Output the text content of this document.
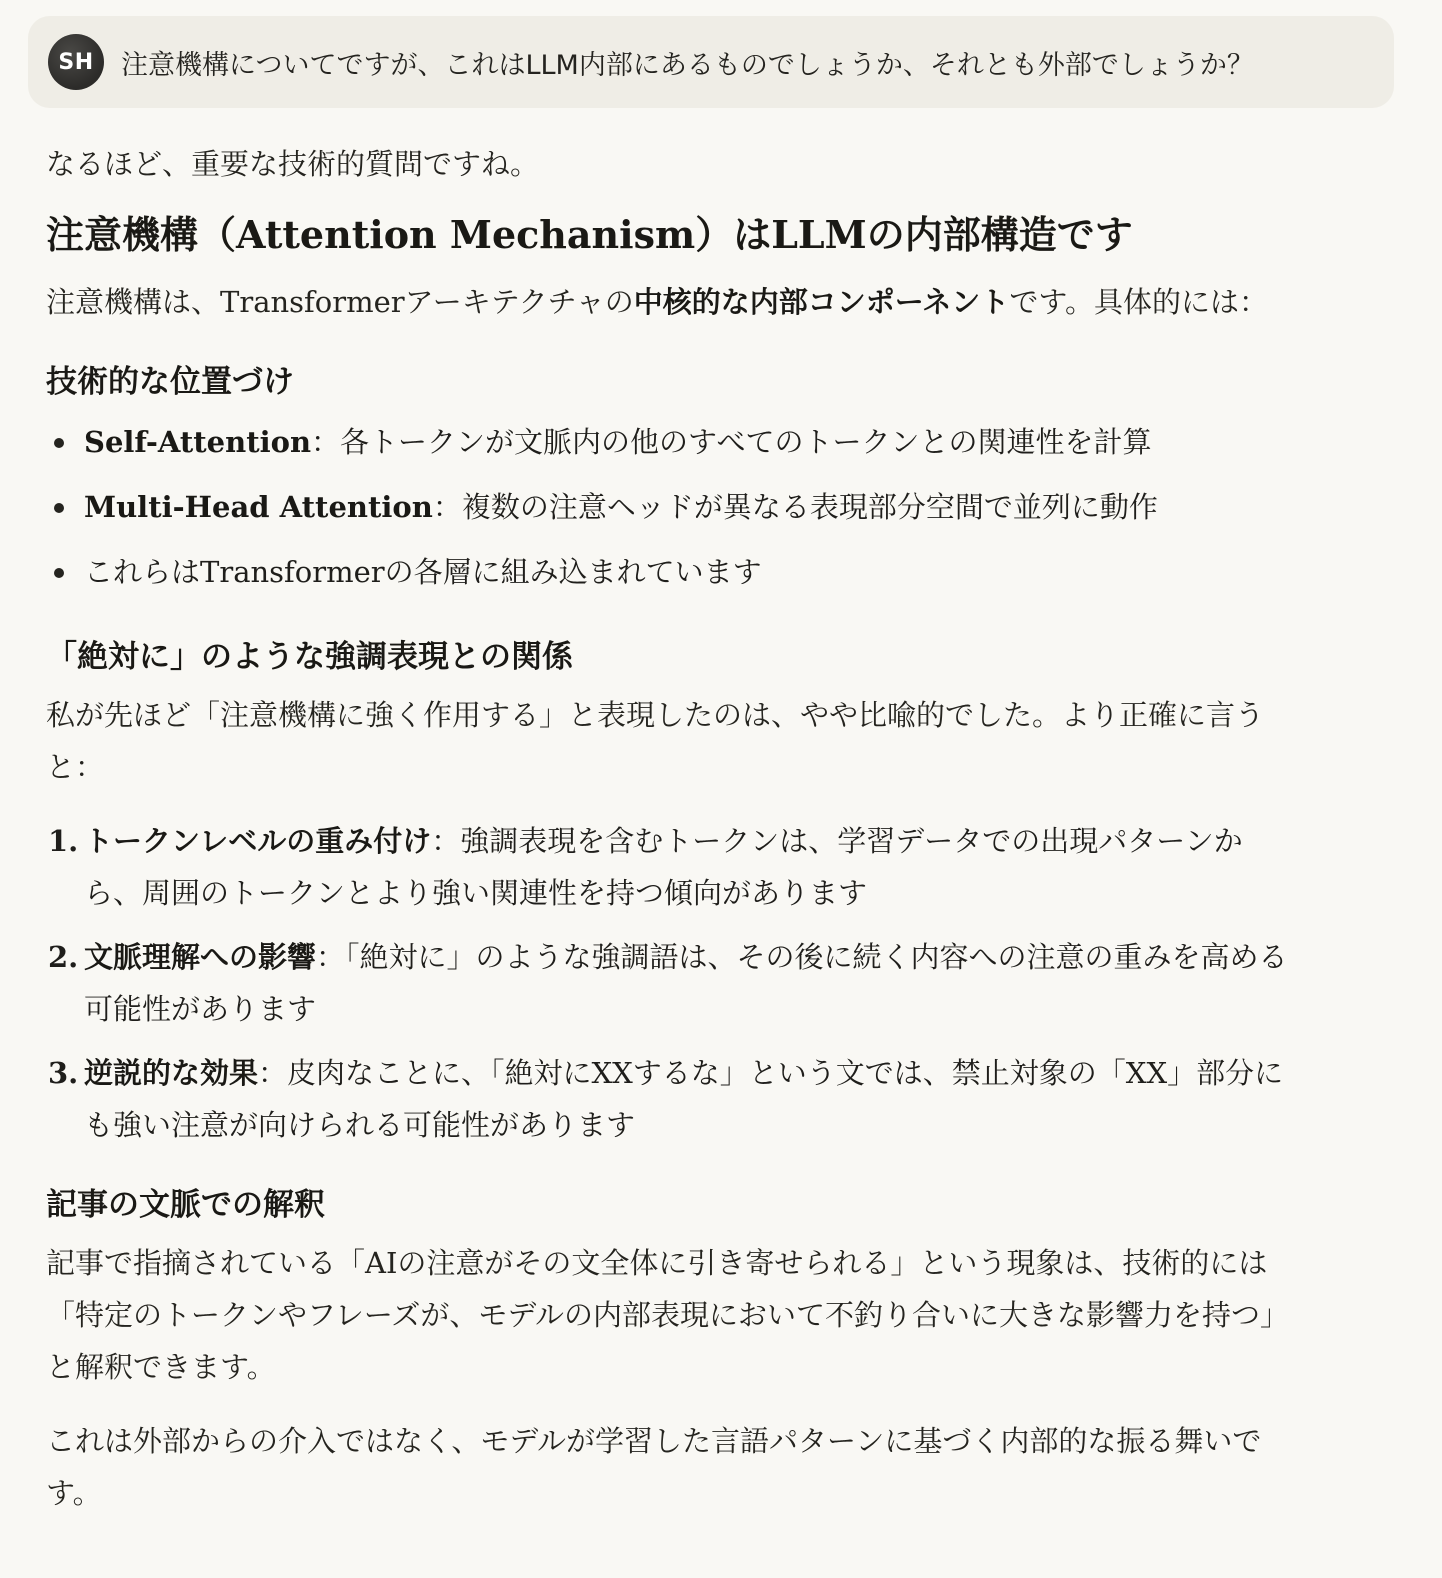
SH	注意機構についてですが、これはLLM内部にあるものでしょうか、それとも外部でしょうか？

なるほど、重要な技術的質問ですね。

注意機構（Attention Mechanism）はLLMの内部構造です

注意機構は、Transformerアーキテクチャの中核的な内部コンポーネントです。具体的には：

技術的な位置づけ
Self-Attention：各トークンが文脈内の他のすべてのトークンとの関連性を計算
Multi-Head Attention：複数の注意ヘッドが異なる表現部分空間で並列に動作
これらはTransformerの各層に組み込まれています
「絶対に」のような強調表現との関係

私が先ほど「注意機構に強く作用する」と表現したのは、やや比喩的でした。より正確に言う
と：

1. トークンレベルの重み付け：強調表現を含むトークンは、学習データでの出現パターンか
ら、周囲のトークンとより強い関連性を持つ傾向があります
2. 文脈理解への影響：「絶対に」のような強調語は、その後に続く内容への注意の重みを高める
可能性があります
3. 逆説的な効果：皮肉なことに、「絶対にXXするな」という文では、禁止対象の「XX」部分に
も強い注意が向けられる可能性があります
記事の文脈での解釈

記事で指摘されている「AIの注意がその文全体に引き寄せられる」という現象は、技術的には
「特定のトークンやフレーズが、モデルの内部表現において不釣り合いに大きな影響力を持つ」
と解釈できます。

これは外部からの介入ではなく、モデルが学習した言語パターンに基づく内部的な振る舞いで
す。
